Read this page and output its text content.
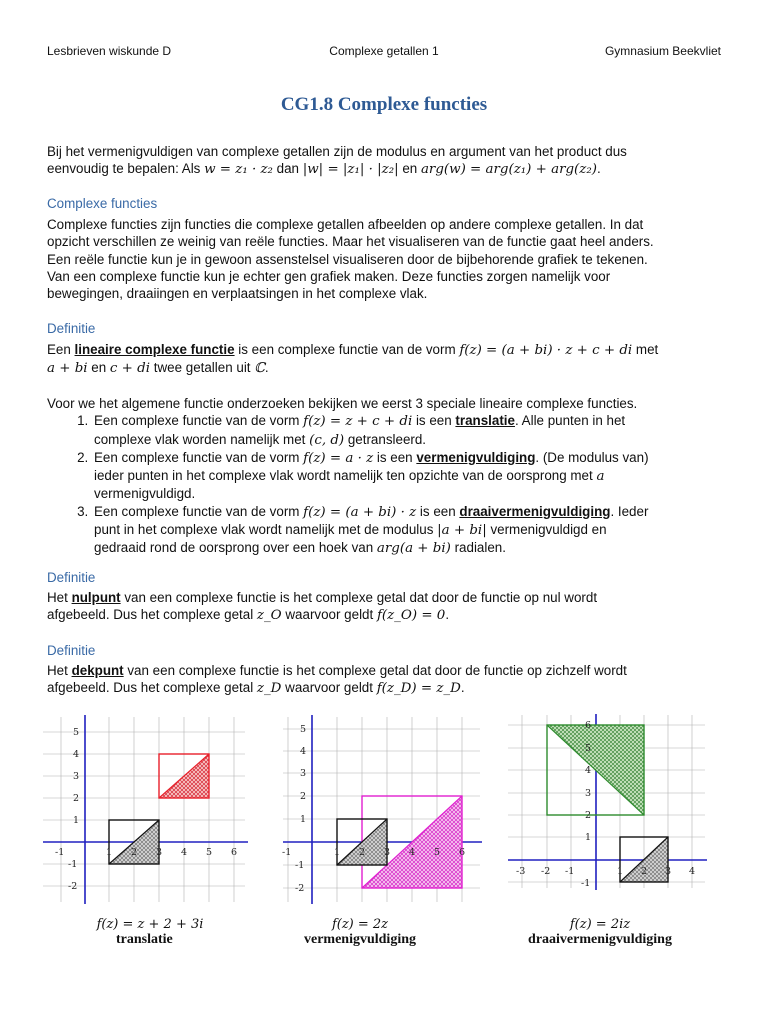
Lesbrieven wiskunde D	Complexe getallen 1	Gymnasium Beekvliet
CG1.8 Complexe functies
Bij het vermenigvuldigen van complexe getallen zijn de modulus en argument van het product dus
eenvoudig te bepalen: Als w = z₁ · z₂ dan |w| = |z₁| · |z₂| en arg(w) = arg(z₁) + arg(z₂).
Complexe functies
Complexe functies zijn functies die complexe getallen afbeelden op andere complexe getallen. In dat
opzicht verschillen ze weinig van reële functies. Maar het visualiseren van de functie gaat heel anders.
Een reële functie kun je in gewoon assenstelsel visualiseren door de bijbehorende grafiek te tekenen.
Van een complexe functie kun je echter gen grafiek maken. Deze functies zorgen namelijk voor
bewegingen, draaiingen en verplaatsingen in het complexe vlak.
Definitie
Een lineaire complexe functie is een complexe functie van de vorm f(z) = (a + bi) · z + c + di met
a + bi en c + di twee getallen uit ℂ.
Voor we het algemene functie onderzoeken bekijken we eerst 3 speciale lineaire complexe functies.
1. Een complexe functie van de vorm f(z) = z + c + di is een translatie. Alle punten in het
complexe vlak worden namelijk met (c, d) getransleerd.
2. Een complexe functie van de vorm f(z) = a · z is een vermenigvuldiging. (De modulus van)
ieder punten in het complexe vlak wordt namelijk ten opzichte van de oorsprong met a
vermenigvuldigd.
3. Een complexe functie van de vorm f(z) = (a + bi) · z is een draaivermenigvuldiging. Ieder
punt in het complexe vlak wordt namelijk met de modulus |a + bi| vermenigvuldigd en
gedraaid rond de oorsprong over een hoek van arg(a + bi) radialen.
Definitie
Het nulpunt van een complexe functie is het complexe getal dat door de functie op nul wordt
afgebeeld. Dus het complexe getal z_O waarvoor geldt f(z_O) = 0.
Definitie
Het dekpunt van een complexe functie is het complexe getal dat door de functie op zichzelf wordt
afgebeeld. Dus het complexe getal z_D waarvoor geldt f(z_D) = z_D.
-1	1 2 3 4 5 6
5
4
3
2
1
-1
-2
-1	1 2 3 4 5 6
5
4
3
2
1
-1
-2
-3 -2 -1	1 2 3 4
6
5
4
3
2
1
-1
f(z) = z + 2 + 3i
translatie
f(z) = 2z
vermenigvuldiging
f(z) = 2iz
draaivermenigvuldiging
